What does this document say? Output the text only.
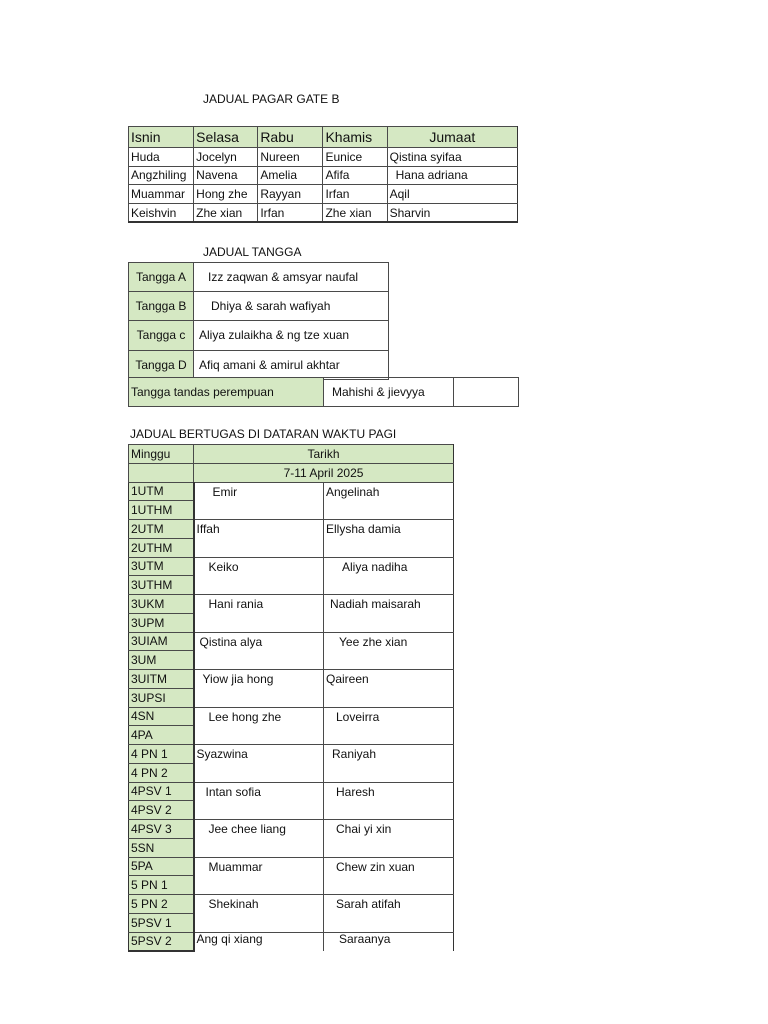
JADUAL PAGAR GATE B
Isnin	Selasa	Rabu	Khamis	Jumaat
Huda	Jocelyn	Nureen	Eunice	Qistina syifaa
Angzhiling	Navena	Amelia	Afifa	Hana adriana
Muammar	Hong zhe	Rayyan	Irfan	Aqil
Keishvin	Zhe xian	Irfan	Zhe xian	Sharvin
JADUAL TANGGA
Tangga A	Izz zaqwan & amsyar naufal
Tangga B	Dhiya & sarah wafiyah
Tangga c	Aliya zulaikha & ng tze xuan
Tangga D	Afiq amani & amirul akhtar
Tangga tandas perempuan	Mahishi & jievyya	
JADUAL BERTUGAS DI DATARAN WAKTU PAGI
Minggu	Tarikh	
	7-11 April 2025	
1UTM	Emir	Angelinah
1UTHM		
2UTM	Iffah	Ellysha damia
2UTHM		
3UTM	Keiko	Aliya nadiha
3UTHM		
3UKM	Hani rania	Nadiah maisarah
3UPM		
3UIAM	Qistina alya	Yee zhe xian
3UM		
3UITM	Yiow jia hong	Qaireen
3UPSI		
4SN	Lee hong zhe	Loveirra
4PA		
4 PN 1	Syazwina	Raniyah
4 PN 2		
4PSV 1	Intan sofia	Haresh
4PSV 2		
4PSV 3	Jee chee liang	Chai yi xin
5SN		
5PA	Muammar	Chew zin xuan
5 PN 1		
5 PN 2	Shekinah	Sarah atifah
5PSV 1		
5PSV 2	Ang qi xiang	Saraanya
